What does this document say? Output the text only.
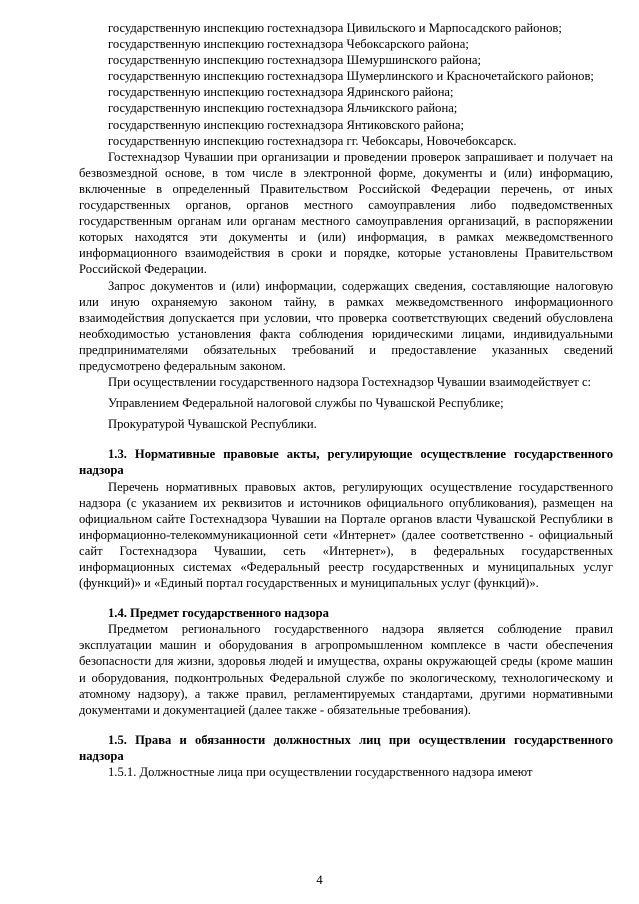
государственную инспекцию гостехнадзора Цивильского и Марпосадского районов;

государственную инспекцию гостехнадзора Чебоксарского района;

государственную инспекцию гостехнадзора Шемуршинского района;

государственную инспекцию гостехнадзора Шумерлинского и Красночетайского районов;

государственную инспекцию гостехнадзора Ядринского района;

государственную инспекцию гостехнадзора Яльчикского района;

государственную инспекцию гостехнадзора Янтиковского района;

государственную инспекцию гостехнадзора гг. Чебоксары, Новочебоксарск.

Гостехнадзор Чувашии при организации и проведении проверок запрашивает и получает на безвозмездной основе, в том числе в электронной форме, документы и (или) информацию, включенные в определенный Правительством Российской Федерации перечень, от иных государственных органов, органов местного самоуправления либо подведомственных государственным органам или органам местного самоуправления организаций, в распоряжении которых находятся эти документы и (или) информация, в рамках межведомственного информационного взаимодействия в сроки и порядке, которые установлены Правительством Российской Федерации.

Запрос документов и (или) информации, содержащих сведения, составляющие налоговую или иную охраняемую законом тайну, в рамках межведомственного информационного взаимодействия допускается при условии, что проверка соответствующих сведений обусловлена необходимостью установления факта соблюдения юридическими лицами, индивидуальными предпринимателями обязательных требований и предоставление указанных сведений предусмотрено федеральным законом.

При осуществлении государственного надзора Гостехнадзор Чувашии взаимодействует с:

Управлением Федеральной налоговой службы по Чувашской Республике;

Прокуратурой Чувашской Республики.

1.3. Нормативные правовые акты, регулирующие осуществление государственного надзора

Перечень нормативных правовых актов, регулирующих осуществление государственного надзора (с указанием их реквизитов и источников официального опубликования), размещен на официальном сайте Гостехнадзора Чувашии на Портале органов власти Чувашской Республики в информационно-телекоммуникационной сети «Интернет» (далее соответственно - официальный сайт Гостехнадзора Чувашии, сеть «Интернет»), в федеральных государственных информационных системах «Федеральный реестр государственных и муниципальных услуг (функций)» и «Единый портал государственных и муниципальных услуг (функций)».

1.4. Предмет государственного надзора

Предметом регионального государственного надзора является соблюдение правил эксплуатации машин и оборудования в агропромышленном комплексе в части обеспечения безопасности для жизни, здоровья людей и имущества, охраны окружающей среды (кроме машин и оборудования, подконтрольных Федеральной службе по экологическому, технологическому и атомному надзору), а также правил, регламентируемых стандартами, другими нормативными документами и документацией (далее также - обязательные требования).

1.5. Права и обязанности должностных лиц при осуществлении государственного надзора

1.5.1. Должностные лица при осуществлении государственного надзора имеют

4
